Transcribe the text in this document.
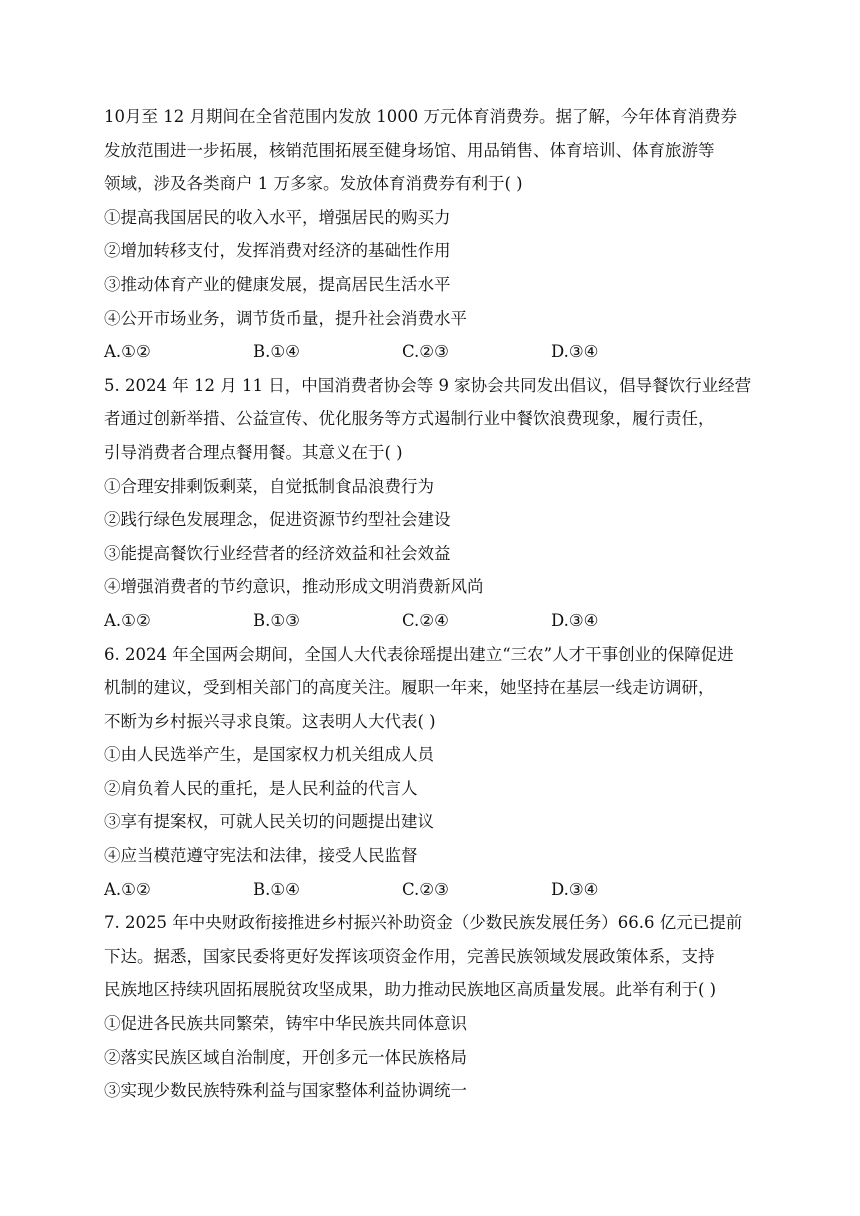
10月至 12 月期间在全省范围内发放 1000 万元体育消费券。据了解，今年体育消费券

发放范围进一步拓展，核销范围拓展至健身场馆、用品销售、体育培训、体育旅游等

领域，涉及各类商户 1 万多家。发放体育消费券有利于( )

①提高我国居民的收入水平，增强居民的购买力

②增加转移支付，发挥消费对经济的基础性作用

③推动体育产业的健康发展，提高居民生活水平

④公开市场业务，调节货币量，提升社会消费水平

A.①②	B.①④	C.②③	D.③④

5. 2024 年 12 月 11 日，中国消费者协会等 9 家协会共同发出倡议，倡导餐饮行业经营

者通过创新举措、公益宣传、优化服务等方式遏制行业中餐饮浪费现象，履行责任，

引导消费者合理点餐用餐。其意义在于( )

①合理安排剩饭剩菜，自觉抵制食品浪费行为

②践行绿色发展理念，促进资源节约型社会建设

③能提高餐饮行业经营者的经济效益和社会效益

④增强消费者的节约意识，推动形成文明消费新风尚

A.①②	B.①③	C.②④	D.③④

6. 2024 年全国两会期间，全国人大代表徐瑶提出建立“三农”人才干事创业的保障促进

机制的建议，受到相关部门的高度关注。履职一年来，她坚持在基层一线走访调研，

不断为乡村振兴寻求良策。这表明人大代表( )

①由人民选举产生，是国家权力机关组成人员

②肩负着人民的重托，是人民利益的代言人

③享有提案权，可就人民关切的问题提出建议

④应当模范遵守宪法和法律，接受人民监督

A.①②	B.①④	C.②③	D.③④

7. 2025 年中央财政衔接推进乡村振兴补助资金（少数民族发展任务）66.6 亿元已提前

下达。据悉，国家民委将更好发挥该项资金作用，完善民族领域发展政策体系，支持

民族地区持续巩固拓展脱贫攻坚成果，助力推动民族地区高质量发展。此举有利于( )

①促进各民族共同繁荣，铸牢中华民族共同体意识

②落实民族区域自治制度，开创多元一体民族格局

③实现少数民族特殊利益与国家整体利益协调统一
